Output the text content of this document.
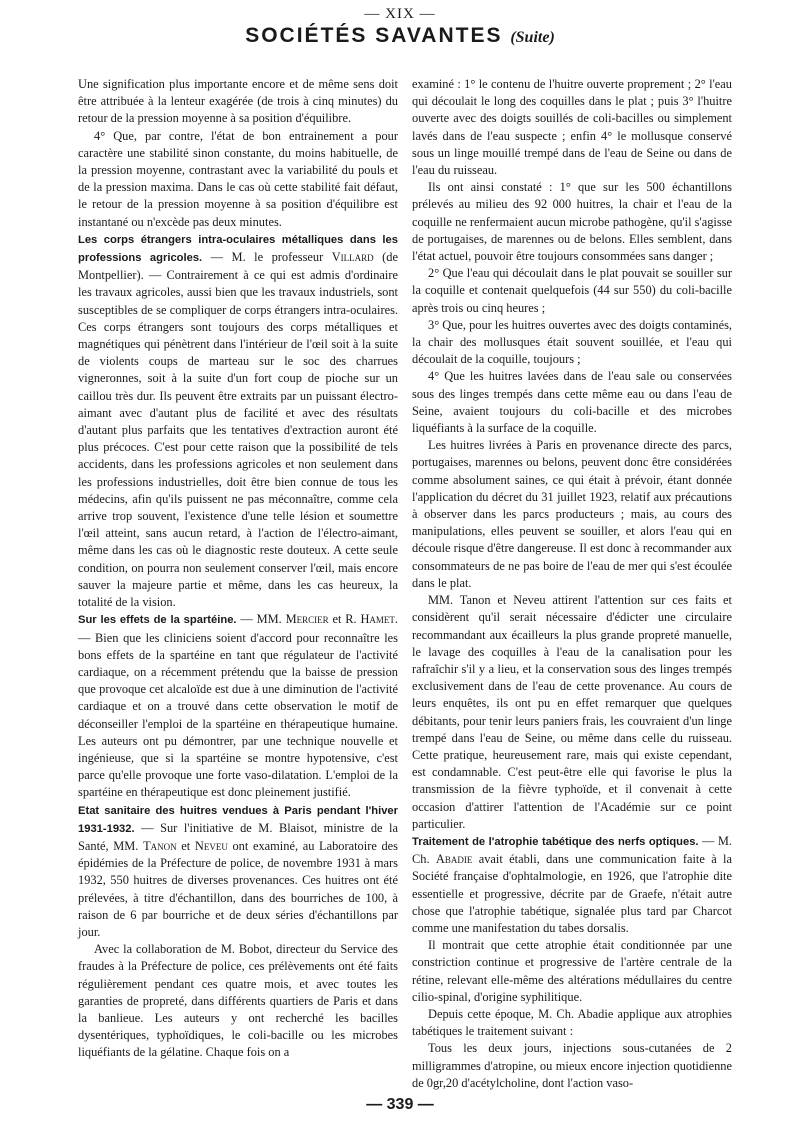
— XIX —
SOCIÉTÉS SAVANTES (Suite)

Une signification plus importante encore et de même sens doit être attribuée à la lenteur exagérée (de trois à cinq minutes) du retour de la pression moyenne à sa position d'équilibre.

4° Que, par contre, l'état de bon entrainement a pour caractère une stabilité sinon constante, du moins habituelle, de la pression moyenne, contrastant avec la variabilité du pouls et de la pression maxima. Dans le cas où cette stabilité fait défaut, le retour de la pression moyenne à sa position d'équilibre est instantané ou n'excède pas deux minutes.

Les corps étrangers intra-oculaires métalliques dans les professions agricoles. — M. le professeur Villard (de Montpellier). — Contrairement à ce qui est admis d'ordinaire les travaux agricoles, aussi bien que les travaux industriels, sont susceptibles de se compliquer de corps étrangers intra-oculaires. Ces corps étrangers sont toujours des corps métalliques et magnétiques qui pénètrent dans l'intérieur de l'œil soit à la suite de violents coups de marteau sur le soc des charrues vigneronnes, soit à la suite d'un fort coup de pioche sur un caillou très dur. Ils peuvent être extraits par un puissant électro-aimant avec d'autant plus de facilité et avec des résultats d'autant plus parfaits que les tentatives d'extraction auront été plus précoces. C'est pour cette raison que la possibilité de tels accidents, dans les professions agricoles et non seulement dans les professions industrielles, doit être bien connue de tous les médecins, afin qu'ils puissent ne pas méconnaître, comme cela arrive trop souvent, l'existence d'une telle lésion et soumettre l'œil atteint, sans aucun retard, à l'action de l'électro-aimant, même dans les cas où le diagnostic reste douteux. A cette seule condition, on pourra non seulement conserver l'œil, mais encore sauver la majeure partie et même, dans les cas heureux, la totalité de la vision.

Sur les effets de la spartéine. — MM. Mercier et R. Hamet. — Bien que les cliniciens soient d'accord pour reconnaître les bons effets de la spartéine en tant que régulateur de l'activité cardiaque, on a récemment prétendu que la baisse de pression que provoque cet alcaloïde est due à une diminution de l'activité cardiaque et on a trouvé dans cette observation le motif de déconseiller l'emploi de la spartéine en thérapeutique humaine. Les auteurs ont pu démontrer, par une technique nouvelle et ingénieuse, que si la spartéine se montre hypotensive, c'est parce qu'elle provoque une forte vaso-dilatation. L'emploi de la spartéine en thérapeutique est donc pleinement justifié.

Etat sanitaire des huitres vendues à Paris pendant l'hiver 1931-1932. — Sur l'initiative de M. Blaisot, ministre de la Santé, MM. Tanon et Neveu ont examiné, au Laboratoire des épidémies de la Préfecture de police, de novembre 1931 à mars 1932, 550 huitres de diverses provenances. Ces huitres ont été prélevées, à titre d'échantillon, dans des bourriches de 100, à raison de 6 par bourriche et de deux séries d'échantillons par jour.

Avec la collaboration de M. Bobot, directeur du Service des fraudes à la Préfecture de police, ces prélèvements ont été faits régulièrement pendant ces quatre mois, et avec toutes les garanties de propreté, dans différents quartiers de Paris et dans la banlieue. Les auteurs y ont recherché les bacilles dysentériques, typhoïdiques, le coli-bacille ou les microbes liquéfiants de la gélatine. Chaque fois on a

examiné : 1° le contenu de l'huitre ouverte proprement ; 2° l'eau qui découlait le long des coquilles dans le plat ; puis 3° l'huitre ouverte avec des doigts souillés de coli-bacilles ou simplement lavés dans de l'eau suspecte ; enfin 4° le mollusque conservé sous un linge mouillé trempé dans de l'eau de Seine ou dans de l'eau du ruisseau.

Ils ont ainsi constaté : 1° que sur les 500 échantillons prélevés au milieu des 92 000 huitres, la chair et l'eau de la coquille ne renfermaient aucun microbe pathogène, qu'il s'agisse de portugaises, de marennes ou de belons. Elles semblent, dans l'état actuel, pouvoir être toujours consommées sans danger ;

2° Que l'eau qui découlait dans le plat pouvait se souiller sur la coquille et contenait quelquefois (44 sur 550) du coli-bacille après trois ou cinq heures ;

3° Que, pour les huitres ouvertes avec des doigts contaminés, la chair des mollusques était souvent souillée, et l'eau qui découlait de la coquille, toujours ;

4° Que les huitres lavées dans de l'eau sale ou conservées sous des linges trempés dans cette même eau ou dans l'eau de Seine, avaient toujours du coli-bacille et des microbes liquéfiants à la surface de la coquille.

Les huitres livrées à Paris en provenance directe des parcs, portugaises, marennes ou belons, peuvent donc être considérées comme absolument saines, ce qui était à prévoir, étant donnée l'application du décret du 31 juillet 1923, relatif aux précautions à observer dans les parcs producteurs ; mais, au cours des manipulations, elles peuvent se souiller, et alors l'eau qui en découle risque d'être dangereuse. Il est donc à recommander aux consommateurs de ne pas boire de l'eau de mer qui s'est écoulée dans le plat.

MM. Tanon et Neveu attirent l'attention sur ces faits et considèrent qu'il serait nécessaire d'édicter une circulaire recommandant aux écailleurs la plus grande propreté manuelle, le lavage des coquilles à l'eau de la canalisation pour les rafraîchir s'il y a lieu, et la conservation sous des linges trempés exclusivement dans de l'eau de cette provenance. Au cours de leurs enquêtes, ils ont pu en effet remarquer que quelques débitants, pour tenir leurs paniers frais, les couvraient d'un linge trempé dans l'eau de Seine, ou même dans celle du ruisseau. Cette pratique, heureusement rare, mais qui existe cependant, est condamnable. C'est peut-être elle qui favorise le plus la transmission de la fièvre typhoïde, et il convenait à cette occasion d'attirer l'attention de l'Académie sur ce point particulier.

Traitement de l'atrophie tabétique des nerfs optiques. — M. Ch. Abadie avait établi, dans une communication faite à la Société française d'ophtalmologie, en 1926, que l'atrophie dite essentielle et progressive, décrite par de Graefe, n'était autre chose que l'atrophie tabétique, signalée plus tard par Charcot comme une manifestation du tabes dorsalis.

Il montrait que cette atrophie était conditionnée par une constriction continue et progressive de l'artère centrale de la rétine, relevant elle-même des altérations médullaires du centre cilio-spinal, d'origine syphilitique.

Depuis cette époque, M. Ch. Abadie applique aux atrophies tabétiques le traitement suivant :

Tous les deux jours, injections sous-cutanées de 2 milligrammes d'atropine, ou mieux encore injection quotidienne de 0gr,20 d'acétylcholine, dont l'action vaso-

— 339 —
